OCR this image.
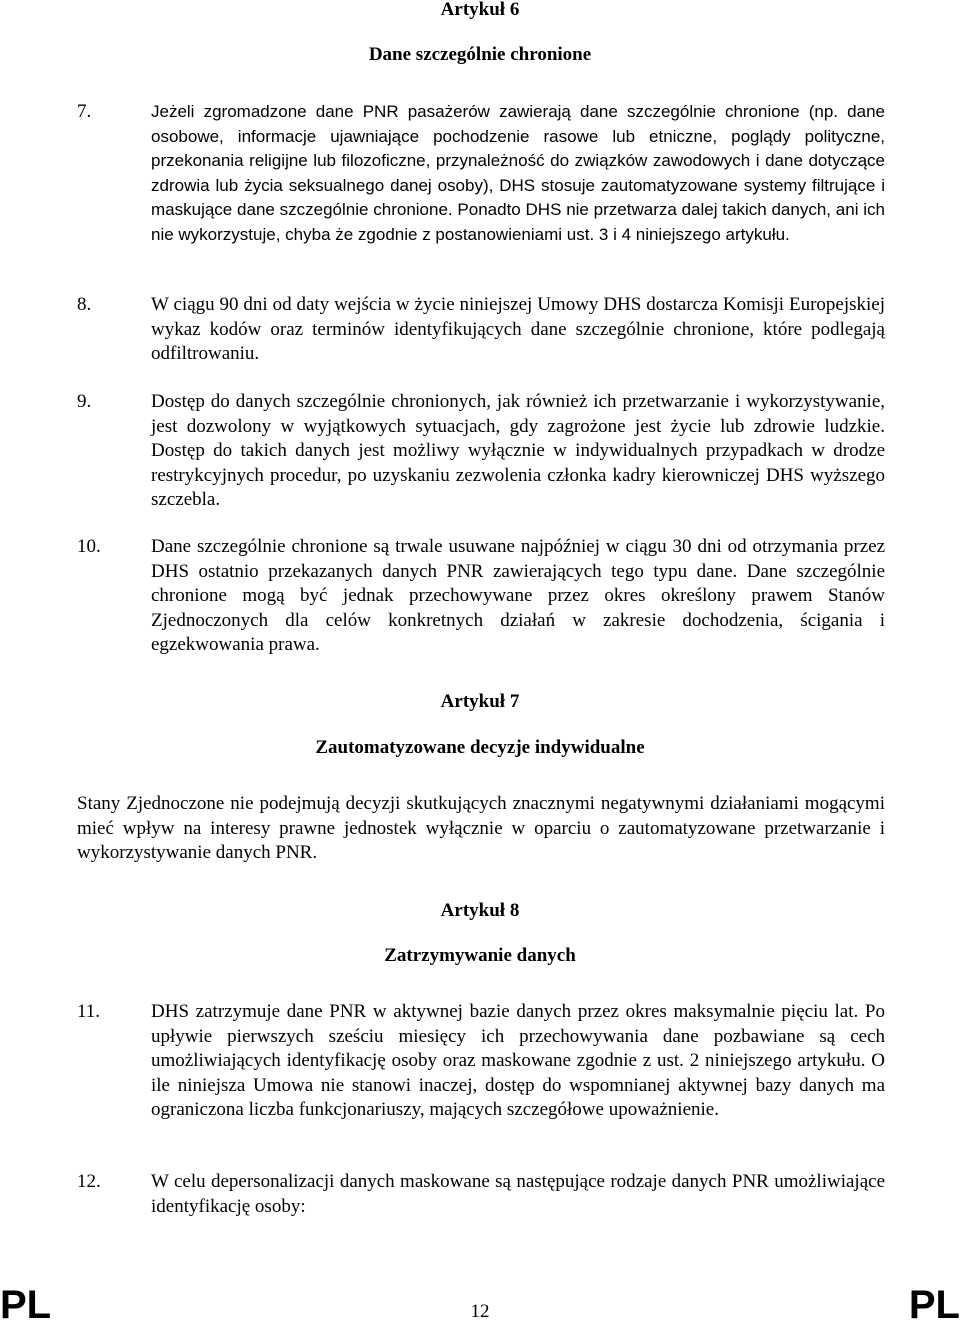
Artykuł 6
Dane szczególnie chronione
7.	Jeżeli zgromadzone dane PNR pasażerów zawierają dane szczególnie chronione (np. dane osobowe, informacje ujawniające pochodzenie rasowe lub etniczne, poglądy polityczne, przekonania religijne lub filozoficzne, przynależność do związków zawodowych i dane dotyczące zdrowia lub życia seksualnego danej osoby), DHS stosuje zautomatyzowane systemy filtrujące i maskujące dane szczególnie chronione. Ponadto DHS nie przetwarza dalej takich danych, ani ich nie wykorzystuje, chyba że zgodnie z postanowieniami ust. 3 i 4 niniejszego artykułu.
8.	W ciągu 90 dni od daty wejścia w życie niniejszej Umowy DHS dostarcza Komisji Europejskiej wykaz kodów oraz terminów identyfikujących dane szczególnie chronione, które podlegają odfiltrowaniu.
9.	Dostęp do danych szczególnie chronionych, jak również ich przetwarzanie i wykorzystywanie, jest dozwolony w wyjątkowych sytuacjach, gdy zagrożone jest życie lub zdrowie ludzkie. Dostęp do takich danych jest możliwy wyłącznie w indywidualnych przypadkach w drodze restrykcyjnych procedur, po uzyskaniu zezwolenia członka kadry kierowniczej DHS wyższego szczebla.
10.	Dane szczególnie chronione są trwale usuwane najpóźniej w ciągu 30 dni od otrzymania przez DHS ostatnio przekazanych danych PNR zawierających tego typu dane. Dane szczególnie chronione mogą być jednak przechowywane przez okres określony prawem Stanów Zjednoczonych dla celów konkretnych działań w zakresie dochodzenia, ścigania i egzekwowania prawa.
Artykuł 7
Zautomatyzowane decyzje indywidualne
Stany Zjednoczone nie podejmują decyzji skutkujących znacznymi negatywnymi działaniami mogącymi mieć wpływ na interesy prawne jednostek wyłącznie w oparciu o zautomatyzowane przetwarzanie i wykorzystywanie danych PNR.
Artykuł 8
Zatrzymywanie danych
11.	DHS zatrzymuje dane PNR w aktywnej bazie danych przez okres maksymalnie pięciu lat. Po upływie pierwszych sześciu miesięcy ich przechowywania dane pozbawiane są cech umożliwiających identyfikację osoby oraz maskowane zgodnie z ust. 2 niniejszego artykułu. O ile niniejsza Umowa nie stanowi inaczej, dostęp do wspomnianej aktywnej bazy danych ma ograniczona liczba funkcjonariuszy, mających szczegółowe upoważnienie.
12.	W celu depersonalizacji danych maskowane są następujące rodzaje danych PNR umożliwiające identyfikację osoby:
PL	12	PL
